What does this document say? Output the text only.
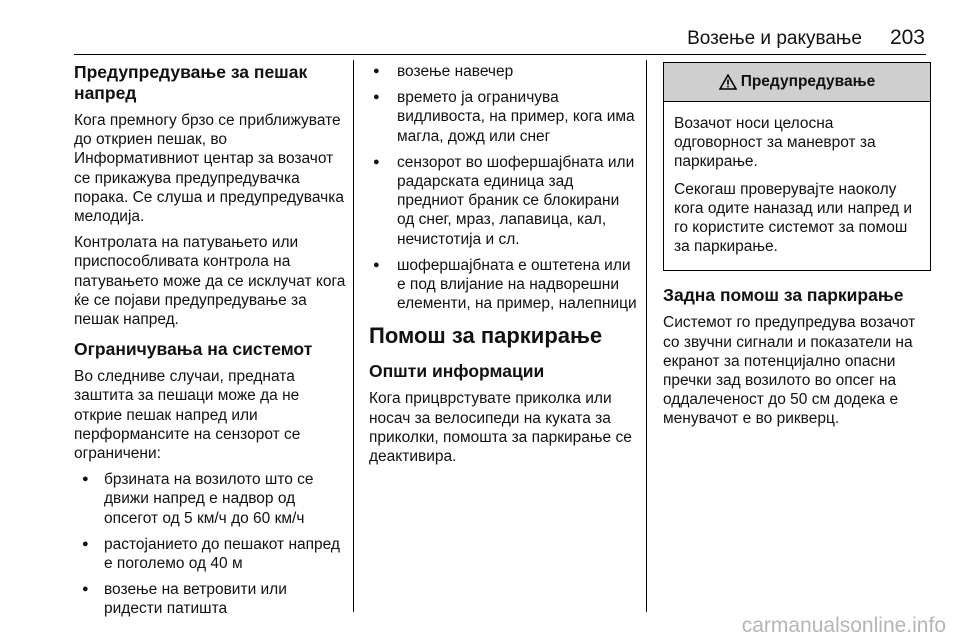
Возење и ракување 203
Предупредување за пешак напред

Кога премногу брзо се приближувате до откриен пешак, во Информативниот центар за возачот се прикажува предупредувачка порака. Се слуша и предупредувачка мелодија.

Контролата на патувањето или приспособливата контрола на патувањето може да се исклучат кога ќе се појави предупредување за пешак напред.

Ограничувања на системот

Во следниве случаи, предната заштита за пешаци може да не открие пешак напред или перформансите на сензорот се ограничени:

● брзината на возилото што се движи напред е надвор од опсегот од 5 км/ч до 60 км/ч
● растојанието до пешакот напред е поголемо од 40 м
● возење на ветровити или ридести патишта
● возење навечер
● времето ја ограничува видливоста, на пример, кога има магла, дожд или снег
● сензорот во шофершајбната или радарската единица зад предниот браник се блокирани од снег, мраз, лапавица, кал, нечистотија и сл.
● шофершајбната е оштетена или е под влијание на надворешни елементи, на пример, налепници
Помош за паркирање
Општи информации

Кога прицврстувате приколка или носач за велосипеди на куката за приколки, помошта за паркирање се деактивира.

Предупредување

Возачот носи целосна одговорност за маневрот за паркирање.

Секогаш проверувајте наоколу кога одите наназад или напред и го користите системот за помош за паркирање.

Задна помош за паркирање

Системот го предупредува возачот со звучни сигнали и показатели на екранот за потенцијално опасни пречки зад возилото во опсег на оддалеченост до 50 см додека е менувачот е во рикверц.

carmanualsonline.info
